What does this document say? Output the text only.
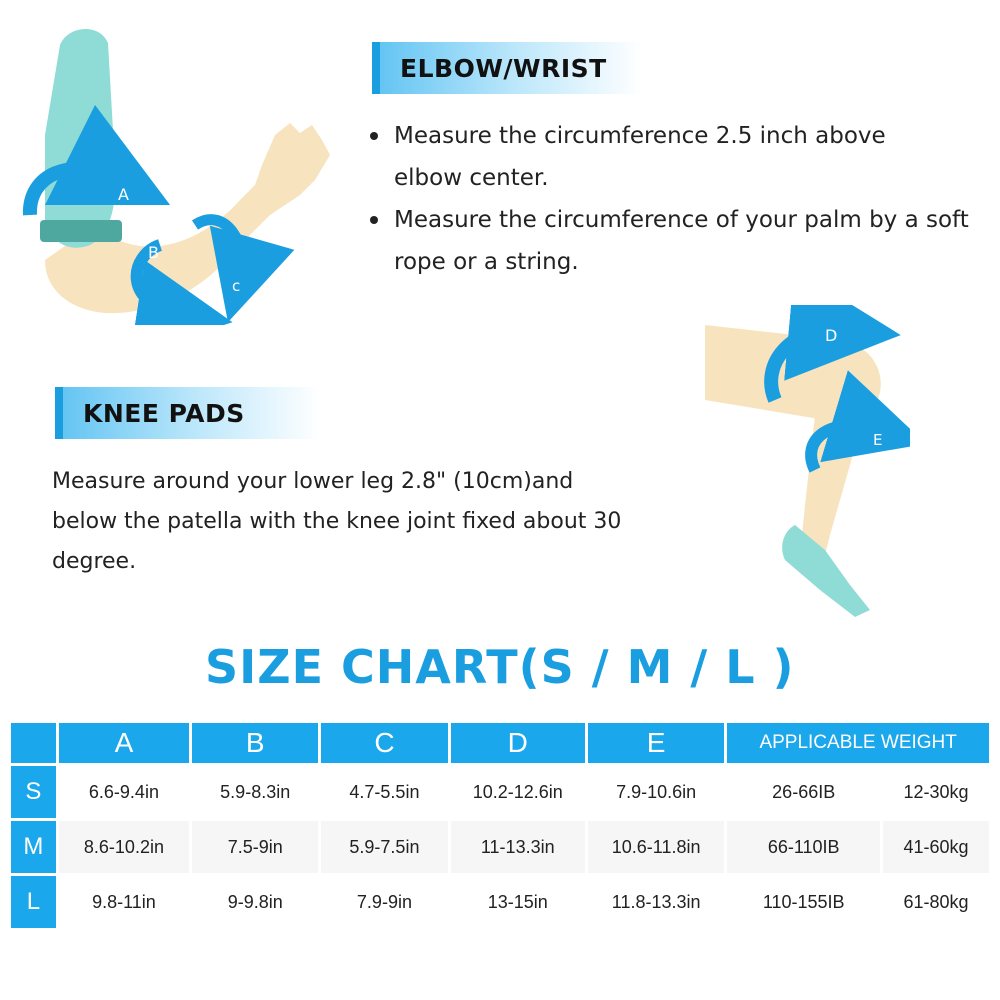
A
B
c
D
E
ELBOW/WRIST
Measure the circumference 2.5 inch above elbow center.
Measure the circumference of your palm by a soft rope or a string.
KNEE PADS

Measure around your lower leg 2.8" (10cm)and below the patella with the knee joint fixed about 30 degree.

SIZE CHART(S / M / L )
	A	B	C	D	E	APPLICABLE WEIGHT	
S	6.6-9.4in	5.9-8.3in	4.7-5.5in	10.2-12.6in	7.9-10.6in	26-66IB	12-30kg
M	8.6-10.2in	7.5-9in	5.9-7.5in	11-13.3in	10.6-11.8in	66-110IB	41-60kg
L	9.8-11in	9-9.8in	7.9-9in	13-15in	11.8-13.3in	110-155IB	61-80kg
